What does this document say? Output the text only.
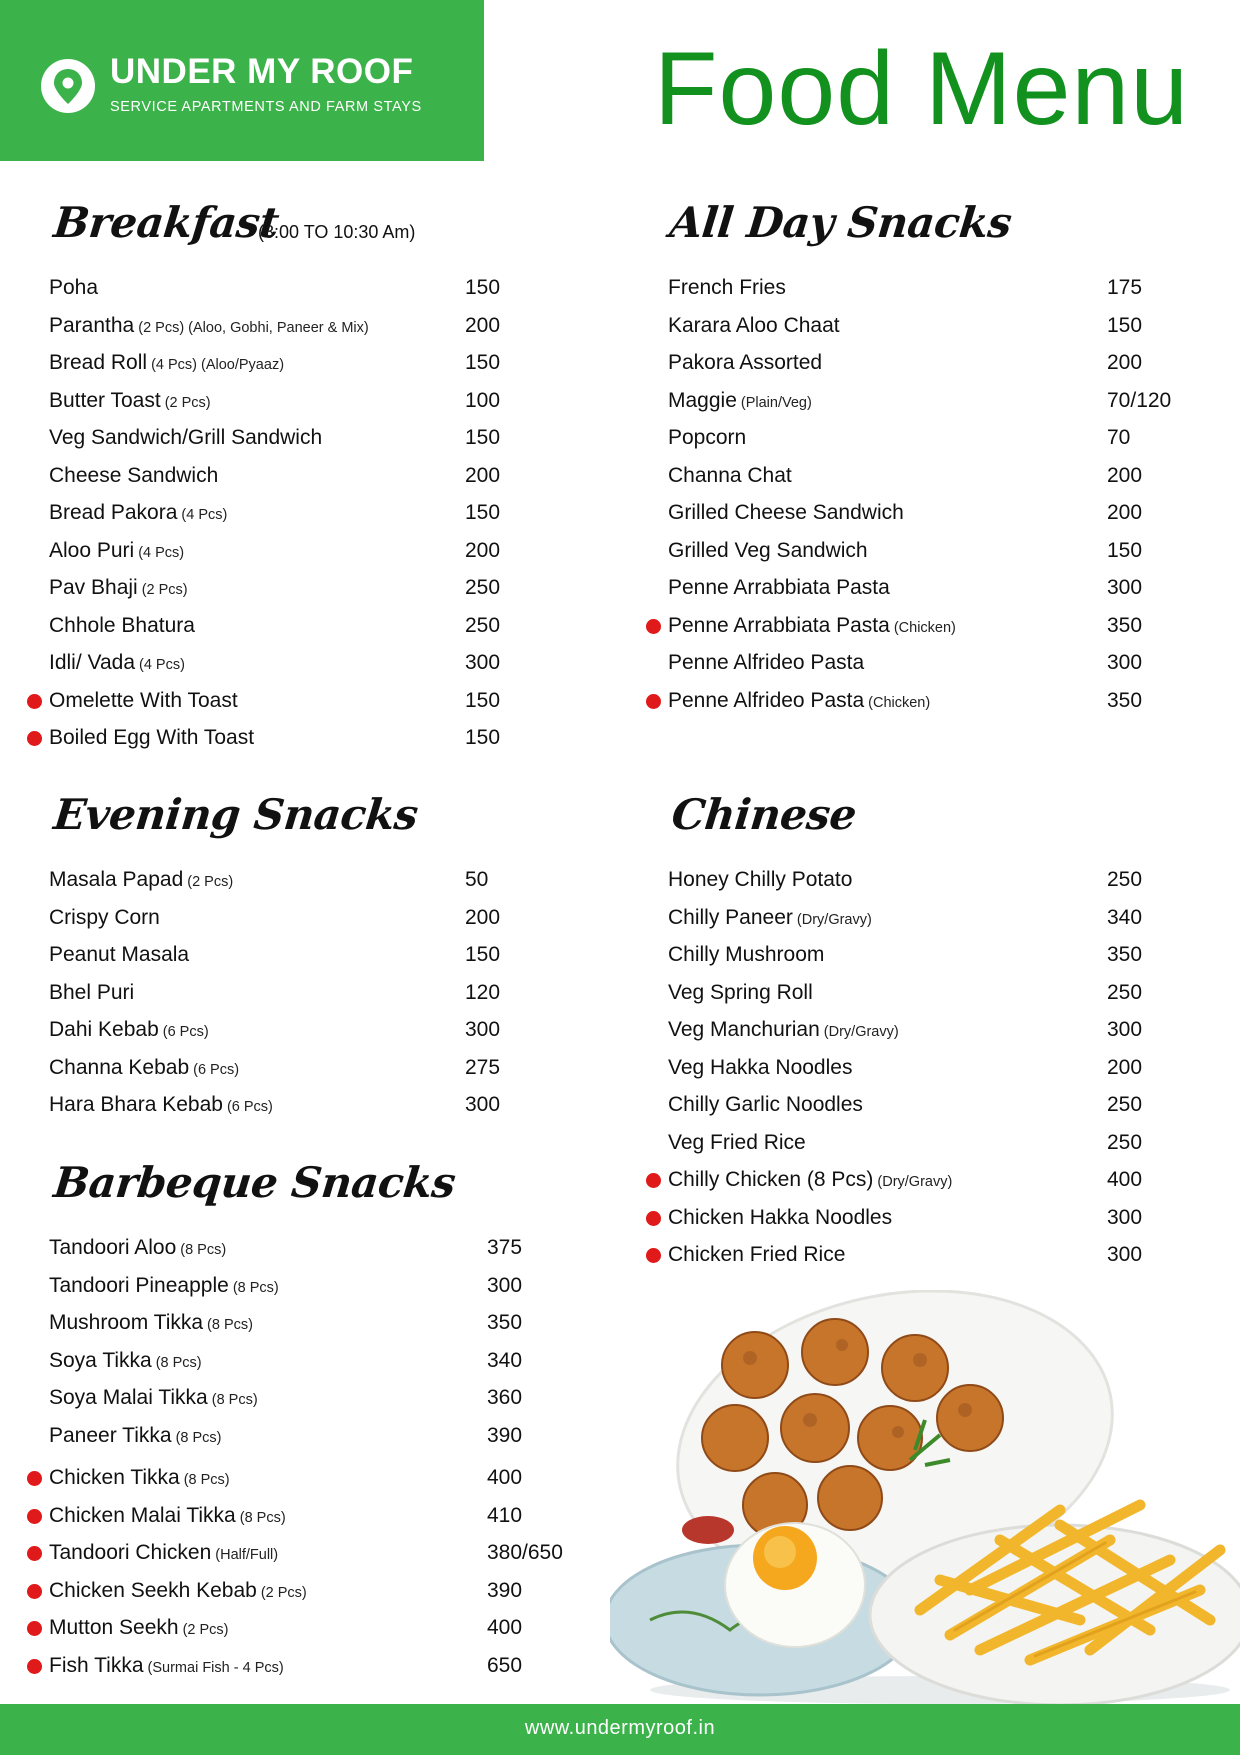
UNDER MY ROOF
SERVICE APARTMENTS AND FARM STAYS Food Menu
Breakfast
(8:00 TO 10:30 Am)
Poha	150
Parantha (2 Pcs) (Aloo, Gobhi, Paneer & Mix)	200
Bread Roll (4 Pcs) (Aloo/Pyaaz)	150
Butter Toast (2 Pcs)	100
Veg Sandwich/Grill Sandwich	150
Cheese Sandwich	200
Bread Pakora (4 Pcs)	150
Aloo Puri (4 Pcs)	200
Pav Bhaji (2 Pcs)	250
Chhole Bhatura	250
Idli/ Vada (4 Pcs)	300
Omelette With Toast	150
Boiled Egg With Toast	150
All Day Snacks
French Fries	175
Karara Aloo Chaat	150
Pakora Assorted	200
Maggie (Plain/Veg)	70/120
Popcorn	70
Channa Chat	200
Grilled Cheese Sandwich	200
Grilled Veg Sandwich	150
Penne Arrabbiata Pasta	300
Penne Arrabbiata Pasta (Chicken)	350
Penne Alfrideo Pasta	300
Penne Alfrideo Pasta (Chicken)	350
Evening Snacks
Masala Papad (2 Pcs)	50
Crispy Corn	200
Peanut Masala	150
Bhel Puri	120
Dahi Kebab (6 Pcs)	300
Channa Kebab (6 Pcs)	275
Hara Bhara Kebab (6 Pcs)	300
Chinese
Honey Chilly Potato	250
Chilly Paneer (Dry/Gravy)	340
Chilly Mushroom	350
Veg Spring Roll	250
Veg Manchurian (Dry/Gravy)	300
Veg Hakka Noodles	200
Chilly Garlic Noodles	250
Veg Fried Rice	250
Chilly Chicken (8 Pcs) (Dry/Gravy)	400
Chicken Hakka Noodles	300
Chicken Fried Rice	300
Barbeque Snacks
Tandoori Aloo (8 Pcs)	375
Tandoori Pineapple (8 Pcs)	300
Mushroom Tikka (8 Pcs)	350
Soya Tikka (8 Pcs)	340
Soya Malai Tikka (8 Pcs)	360
Paneer Tikka (8 Pcs)	390
Chicken Tikka (8 Pcs)	400
Chicken Malai Tikka (8 Pcs)	410
Tandoori Chicken (Half/Full)	380/650
Chicken Seekh Kebab (2 Pcs)	390
Mutton Seekh (2 Pcs)	400
Fish Tikka (Surmai Fish - 4 Pcs)	650
www.undermyroof.in
